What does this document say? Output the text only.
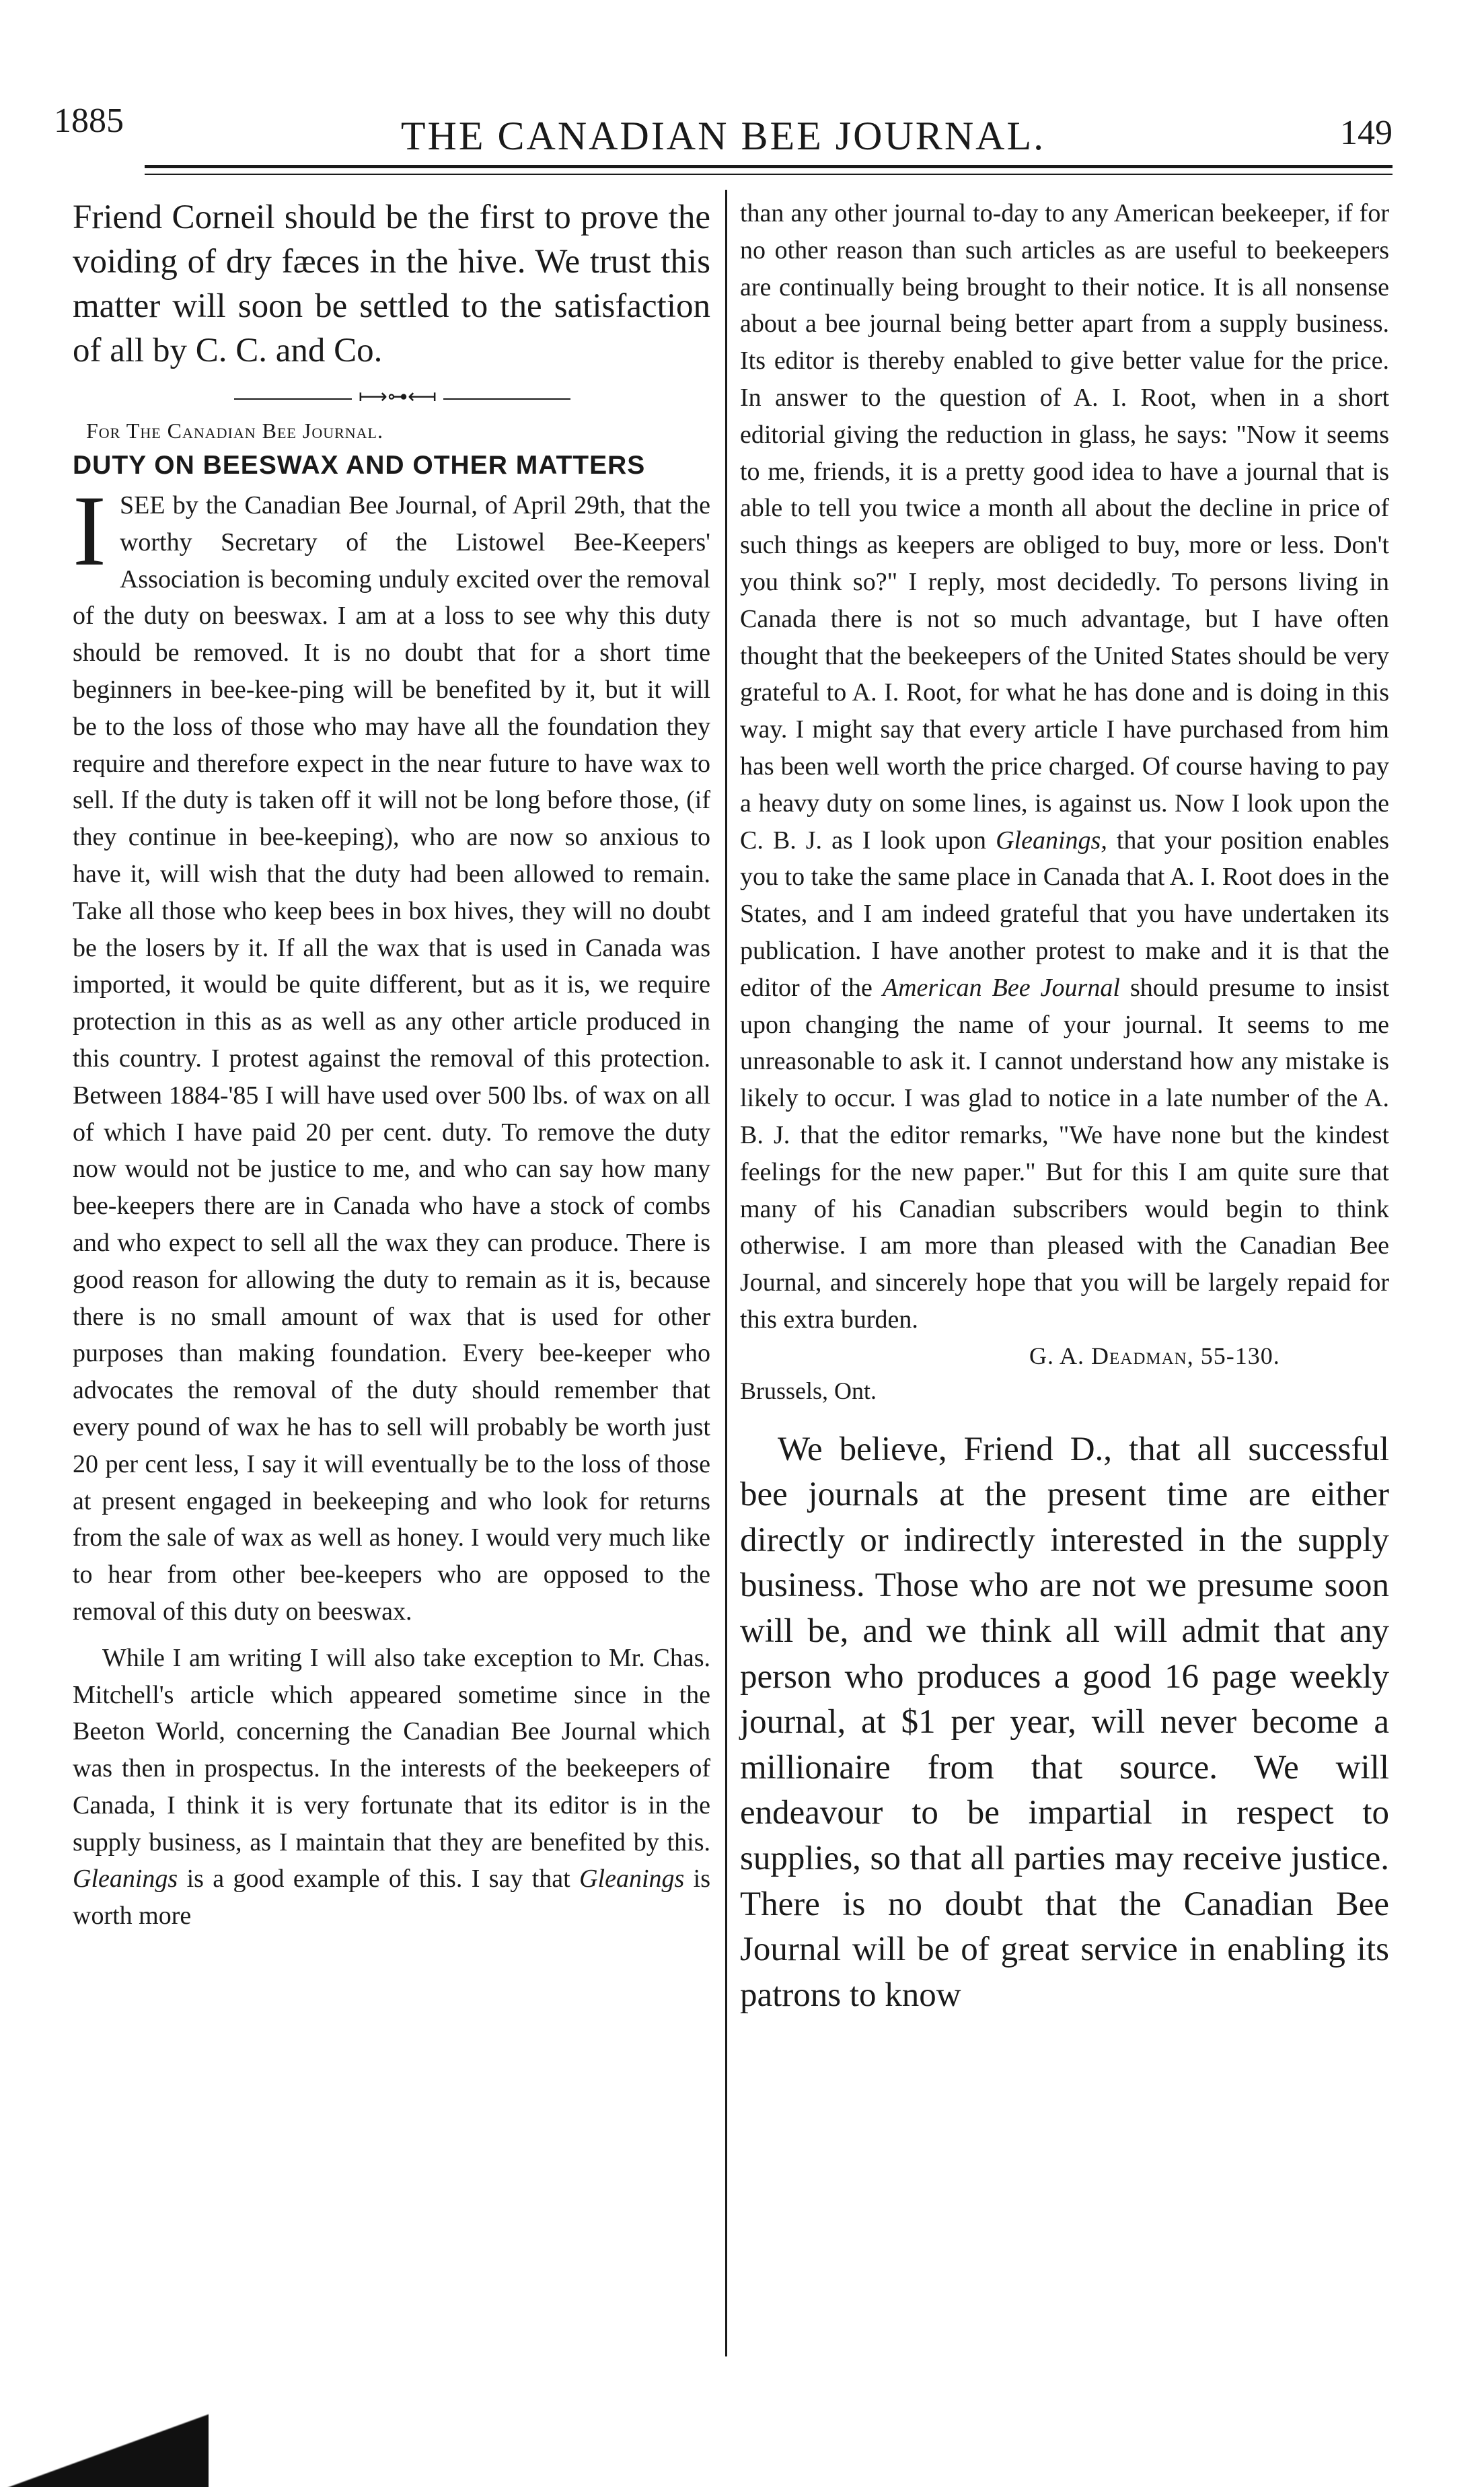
1885	THE CANADIAN BEE JOURNAL.	149

Friend Corneil should be the first to prove the voiding of dry fæces in the hive. We trust this matter will soon be settled to the satisfaction of all by C. C. and Co.

⟼⊶⟻
For The Canadian Bee Journal.
DUTY ON BEESWAX AND OTHER MATTERS

I SEE by the Canadian Bee Journal, of April 29th, that the worthy Secretary of the Listowel Bee-Keepers' Association is becoming unduly excited over the removal of the duty on beeswax. I am at a loss to see why this duty should be removed. It is no doubt that for a short time beginners in bee-kee-ping will be benefited by it, but it will be to the loss of those who may have all the foundation they require and therefore expect in the near future to have wax to sell. If the duty is taken off it will not be long before those, (if they continue in bee-keeping), who are now so anxious to have it, will wish that the duty had been allowed to remain. Take all those who keep bees in box hives, they will no doubt be the losers by it. If all the wax that is used in Canada was imported, it would be quite different, but as it is, we require protection in this as as well as any other article produced in this country. I protest against the removal of this protection. Between 1884-'85 I will have used over 500 lbs. of wax on all of which I have paid 20 per cent. duty. To remove the duty now would not be justice to me, and who can say how many bee-keepers there are in Canada who have a stock of combs and who expect to sell all the wax they can produce. There is good reason for allowing the duty to remain as it is, because there is no small amount of wax that is used for other purposes than making foundation. Every bee-keeper who advocates the removal of the duty should remember that every pound of wax he has to sell will probably be worth just 20 per cent less, I say it will eventually be to the loss of those at present engaged in beekeeping and who look for returns from the sale of wax as well as honey. I would very much like to hear from other bee-keepers who are opposed to the removal of this duty on beeswax.

While I am writing I will also take exception to Mr. Chas. Mitchell's article which appeared sometime since in the Beeton World, concerning the Canadian Bee Journal which was then in prospectus. In the interests of the beekeepers of Canada, I think it is very fortunate that its editor is in the supply business, as I maintain that they are benefited by this. Gleanings is a good example of this. I say that Gleanings is worth more

than any other journal to-day to any American beekeeper, if for no other reason than such articles as are useful to beekeepers are continually being brought to their notice. It is all nonsense about a bee journal being better apart from a supply business. Its editor is thereby enabled to give better value for the price. In answer to the question of A. I. Root, when in a short editorial giving the reduction in glass, he says: "Now it seems to me, friends, it is a pretty good idea to have a journal that is able to tell you twice a month all about the decline in price of such things as keepers are obliged to buy, more or less. Don't you think so?" I reply, most decidedly. To persons living in Canada there is not so much advantage, but I have often thought that the beekeepers of the United States should be very grateful to A. I. Root, for what he has done and is doing in this way. I might say that every article I have purchased from him has been well worth the price charged. Of course having to pay a heavy duty on some lines, is against us. Now I look upon the C. B. J. as I look upon Gleanings, that your position enables you to take the same place in Canada that A. I. Root does in the States, and I am indeed grateful that you have undertaken its publication. I have another protest to make and it is that the editor of the American Bee Journal should presume to insist upon changing the name of your journal. It seems to me unreasonable to ask it. I cannot understand how any mistake is likely to occur. I was glad to notice in a late number of the A. B. J. that the editor remarks, "We have none but the kindest feelings for the new paper." But for this I am quite sure that many of his Canadian subscribers would begin to think otherwise. I am more than pleased with the Canadian Bee Journal, and sincerely hope that you will be largely repaid for this extra burden.

G. A. Deadman, 55-130.
Brussels, Ont.

We believe, Friend D., that all successful bee journals at the present time are either directly or indirectly interested in the supply business. Those who are not we presume soon will be, and we think all will admit that any person who produces a good 16 page weekly journal, at $1 per year, will never become a millionaire from that source. We will endeavour to be impartial in respect to supplies, so that all parties may receive justice. There is no doubt that the Canadian Bee Journal will be of great service in enabling its patrons to know
